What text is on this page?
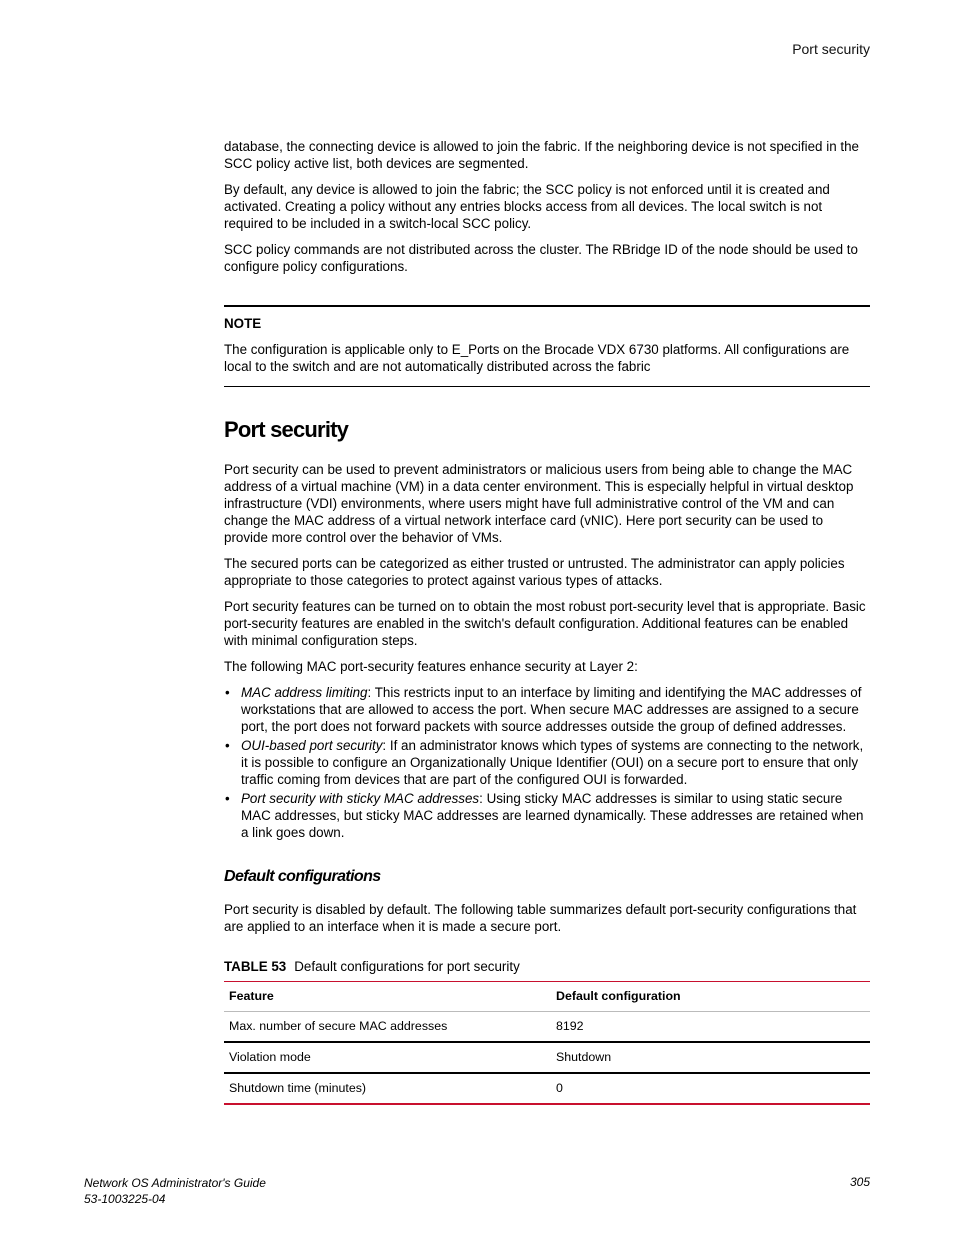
Port security

database, the connecting device is allowed to join the fabric. If the neighboring device is not specified in the SCC policy active list, both devices are segmented.

By default, any device is allowed to join the fabric; the SCC policy is not enforced until it is created and activated. Creating a policy without any entries blocks access from all devices. The local switch is not required to be included in a switch-local SCC policy.

SCC policy commands are not distributed across the cluster. The RBridge ID of the node should be used to configure policy configurations.

NOTE

The configuration is applicable only to E_Ports on the Brocade VDX 6730 platforms. All configurations are local to the switch and are not automatically distributed across the fabric

Port security

Port security can be used to prevent administrators or malicious users from being able to change the MAC address of a virtual machine (VM) in a data center environment. This is especially helpful in virtual desktop infrastructure (VDI) environments, where users might have full administrative control of the VM and can change the MAC address of a virtual network interface card (vNIC). Here port security can be used to provide more control over the behavior of VMs.

The secured ports can be categorized as either trusted or untrusted. The administrator can apply policies appropriate to those categories to protect against various types of attacks.

Port security features can be turned on to obtain the most robust port-security level that is appropriate. Basic port-security features are enabled in the switch's default configuration. Additional features can be enabled with minimal configuration steps.

The following MAC port-security features enhance security at Layer 2:

• MAC address limiting: This restricts input to an interface by limiting and identifying the MAC addresses of workstations that are allowed to access the port. When secure MAC addresses are assigned to a secure port, the port does not forward packets with source addresses outside the group of defined addresses.
• OUI-based port security: If an administrator knows which types of systems are connecting to the network, it is possible to configure an Organizationally Unique Identifier (OUI) on a secure port to ensure that only traffic coming from devices that are part of the configured OUI is forwarded.
• Port security with sticky MAC addresses: Using sticky MAC addresses is similar to using static secure MAC addresses, but sticky MAC addresses are learned dynamically. These addresses are retained when a link goes down.
Default configurations

Port security is disabled by default. The following table summarizes default port-security configurations that are applied to an interface when it is made a secure port.

TABLE 53 Default configurations for port security
Feature	Default configuration
Max. number of secure MAC addresses	8192
Violation mode	Shutdown
Shutdown time (minutes)	0
Network OS Administrator's Guide
53-1003225-04
305
